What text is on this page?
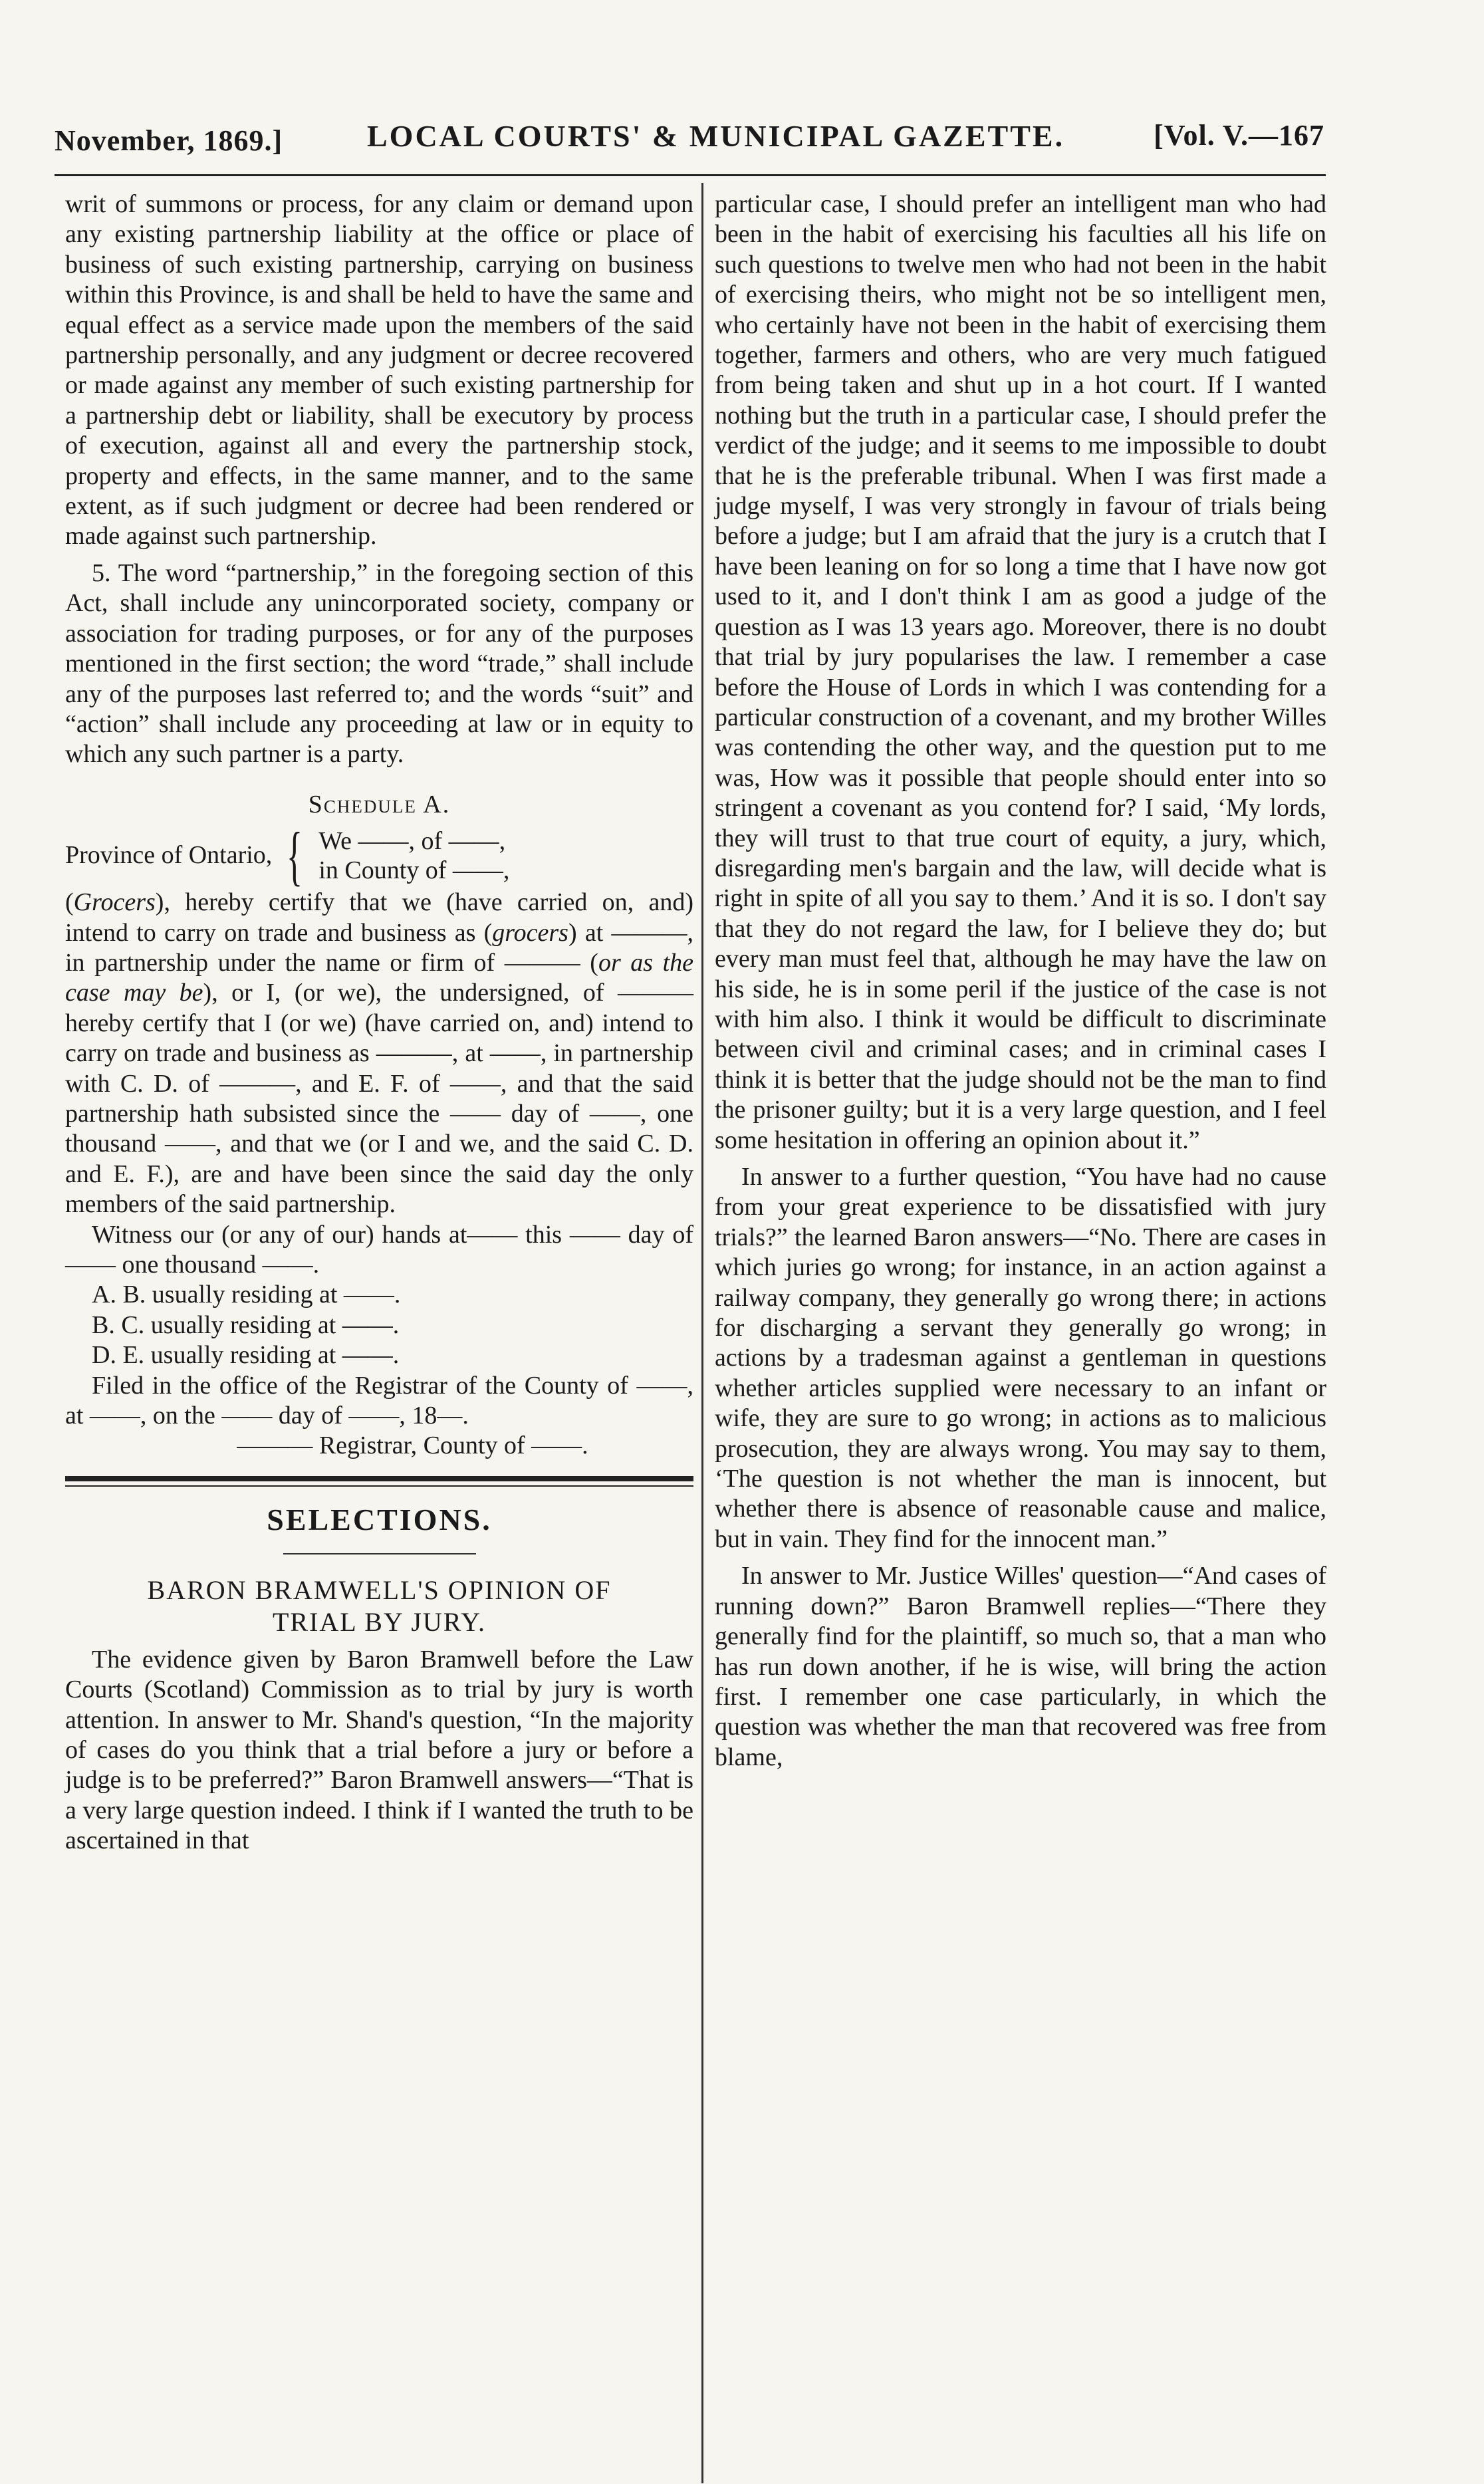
November, 1869.]	LOCAL COURTS' & MUNICIPAL GAZETTE.	[Vol. V.—167

writ of summons or process, for any claim or demand upon any existing partnership liability at the office or place of business of such existing partnership, carrying on business within this Province, is and shall be held to have the same and equal effect as a service made upon the members of the said partnership personally, and any judgment or decree recovered or made against any member of such existing partnership for a partnership debt or liability, shall be executory by process of execution, against all and every the partnership stock, property and effects, in the same manner, and to the same extent, as if such judgment or decree had been rendered or made against such partnership.

5. The word “partnership,” in the foregoing section of this Act, shall include any unincorporated society, company or association for trading purposes, or for any of the purposes mentioned in the first section; the word “trade,” shall include any of the purposes last referred to; and the words “suit” and “action” shall include any proceeding at law or in equity to which any such partner is a party.

Schedule A.
Province of Ontario, { We ——, of ——,
in County of ——,

(Grocers), hereby certify that we (have carried on, and) intend to carry on trade and business as (grocers) at ———, in partnership under the name or firm of ——— (or as the case may be), or I, (or we), the undersigned, of ——— hereby certify that I (or we) (have carried on, and) intend to carry on trade and business as ———, at ——, in partnership with C. D. of ———, and E. F. of ——, and that the said partnership hath subsisted since the —— day of ——, one thousand ——, and that we (or I and we, and the said C. D. and E. F.), are and have been since the said day the only members of the said partnership.

Witness our (or any of our) hands at—— this —— day of —— one thousand ——.

A. B. usually residing at ——.

B. C. usually residing at ——.

D. E. usually residing at ——.

Filed in the office of the Registrar of the County of ——, at ——, on the —— day of ——, 18—.

——— Registrar, County of ——.

SELECTIONS.
BARON BRAMWELL'S OPINION OF
TRIAL BY JURY.

The evidence given by Baron Bramwell before the Law Courts (Scotland) Commission as to trial by jury is worth attention. In answer to Mr. Shand's question, “In the majority of cases do you think that a trial before a jury or before a judge is to be preferred?” Baron Bramwell answers—“That is a very large question indeed. I think if I wanted the truth to be ascertained in that

particular case, I should prefer an intelligent man who had been in the habit of exercising his faculties all his life on such questions to twelve men who had not been in the habit of exercising theirs, who might not be so intelligent men, who certainly have not been in the habit of exercising them together, farmers and others, who are very much fatigued from being taken and shut up in a hot court. If I wanted nothing but the truth in a particular case, I should prefer the verdict of the judge; and it seems to me impossible to doubt that he is the preferable tribunal. When I was first made a judge myself, I was very strongly in favour of trials being before a judge; but I am afraid that the jury is a crutch that I have been leaning on for so long a time that I have now got used to it, and I don't think I am as good a judge of the question as I was 13 years ago. Moreover, there is no doubt that trial by jury popularises the law. I remember a case before the House of Lords in which I was contending for a particular construction of a covenant, and my brother Willes was contending the other way, and the question put to me was, How was it possible that people should enter into so stringent a covenant as you contend for? I said, ‘My lords, they will trust to that true court of equity, a jury, which, disregarding men's bargain and the law, will decide what is right in spite of all you say to them.’ And it is so. I don't say that they do not regard the law, for I believe they do; but every man must feel that, although he may have the law on his side, he is in some peril if the justice of the case is not with him also. I think it would be difficult to discriminate between civil and criminal cases; and in criminal cases I think it is better that the judge should not be the man to find the prisoner guilty; but it is a very large question, and I feel some hesitation in offering an opinion about it.”

In answer to a further question, “You have had no cause from your great experience to be dissatisfied with jury trials?” the learned Baron answers—“No. There are cases in which juries go wrong; for instance, in an action against a railway company, they generally go wrong there; in actions for discharging a servant they generally go wrong; in actions by a tradesman against a gentleman in questions whether articles supplied were necessary to an infant or wife, they are sure to go wrong; in actions as to malicious prosecution, they are always wrong. You may say to them, ‘The question is not whether the man is innocent, but whether there is absence of reasonable cause and malice, but in vain. They find for the innocent man.”

In answer to Mr. Justice Willes' question—“And cases of running down?” Baron Bramwell replies—“There they generally find for the plaintiff, so much so, that a man who has run down another, if he is wise, will bring the action first. I remember one case particularly, in which the question was whether the man that recovered was free from blame,
